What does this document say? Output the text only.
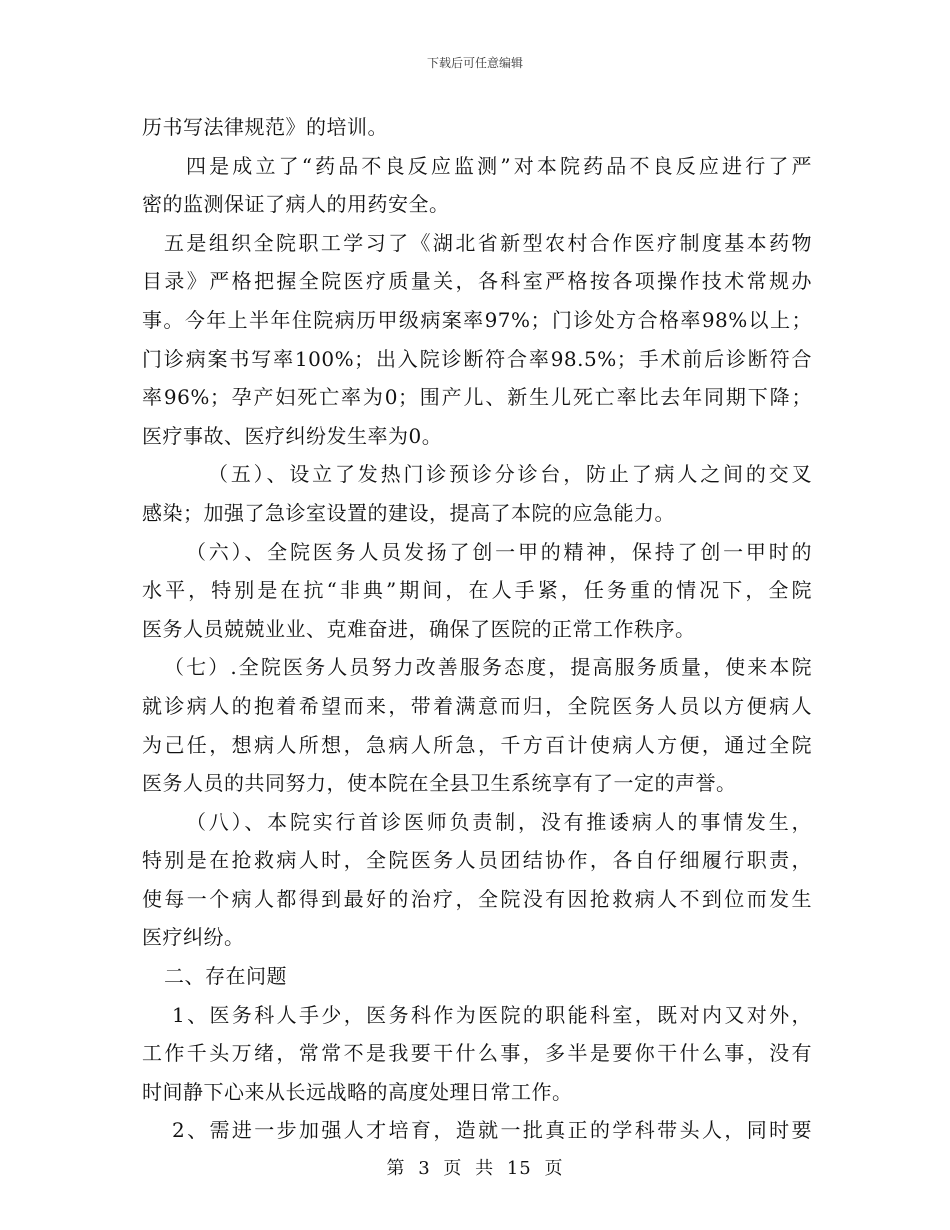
下载后可任意编辑
历书写法律规范》的培训。
四是成立了“药品不良反应监测”对本院药品不良反应进行了严
密的监测保证了病人的用药安全。
五是组织全院职工学习了《湖北省新型农村合作医疗制度基本药物
目录》严格把握全院医疗质量关，各科室严格按各项操作技术常规办
事。今年上半年住院病历甲级病案率97%；门诊处方合格率98%以上；
门诊病案书写率100%；出入院诊断符合率98.5%；手术前后诊断符合
率96%；孕产妇死亡率为0；围产儿、新生儿死亡率比去年同期下降；
医疗事故、医疗纠纷发生率为0。
（五）、设立了发热门诊预诊分诊台，防止了病人之间的交叉
感染；加强了急诊室设置的建设，提高了本院的应急能力。
（六）、全院医务人员发扬了创一甲的精神，保持了创一甲时的
水平，特别是在抗“非典”期间，在人手紧，任务重的情况下，全院
医务人员兢兢业业、克难奋进，确保了医院的正常工作秩序。
（七）.全院医务人员努力改善服务态度，提高服务质量，使来本院
就诊病人的抱着希望而来，带着满意而归，全院医务人员以方便病人
为己任，想病人所想，急病人所急，千方百计使病人方便，通过全院
医务人员的共同努力，使本院在全县卫生系统享有了一定的声誉。
（八）、本院实行首诊医师负责制，没有推诿病人的事情发生，
特别是在抢救病人时，全院医务人员团结协作，各自仔细履行职责，
使每一个病人都得到最好的治疗，全院没有因抢救病人不到位而发生
医疗纠纷。
二、存在问题
1、医务科人手少，医务科作为医院的职能科室，既对内又对外，
工作千头万绪，常常不是我要干什么事，多半是要你干什么事，没有
时间静下心来从长远战略的高度处理日常工作。
2、需进一步加强人才培育，造就一批真正的学科带头人，同时要
第 3 页 共 15 页
